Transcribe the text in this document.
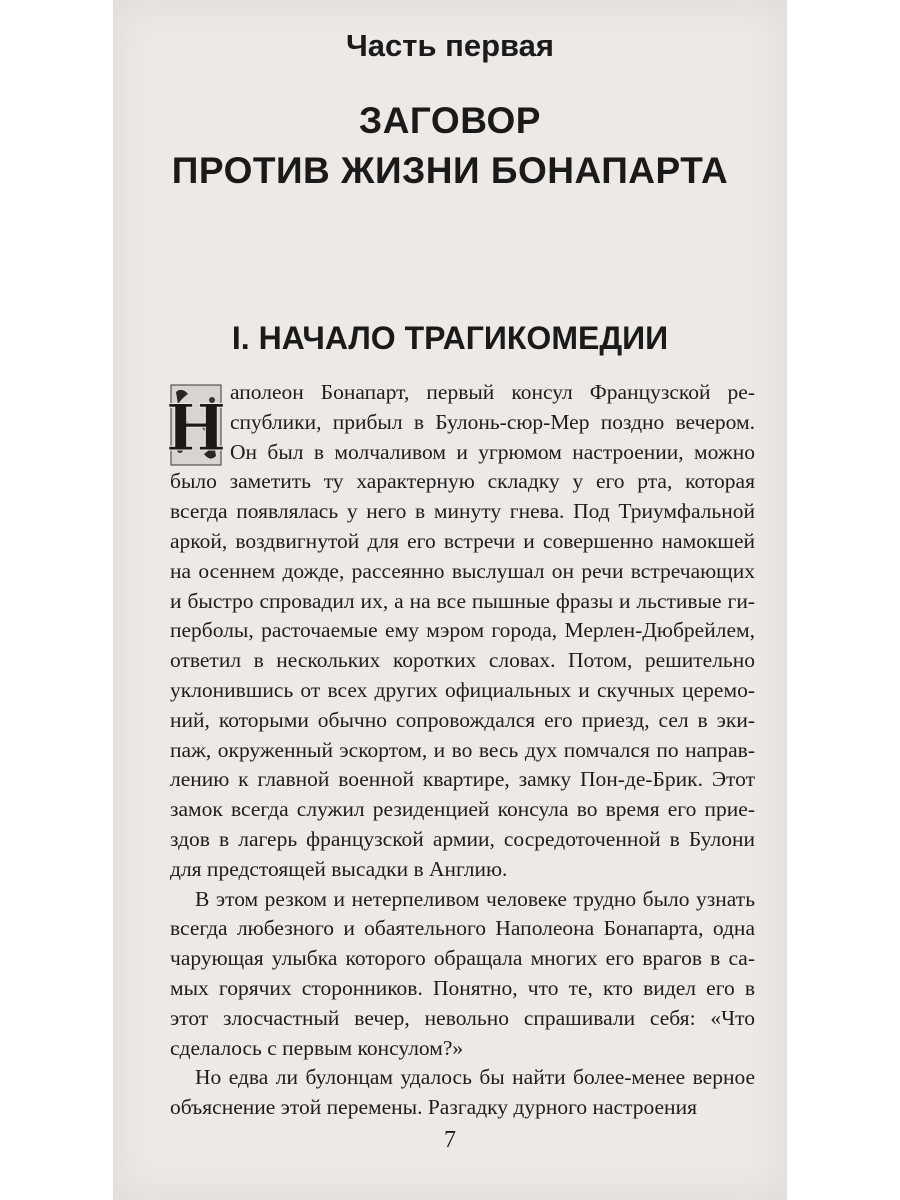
Часть первая
ЗАГОВОР
ПРОТИВ ЖИЗНИ БОНАПАРТА
I. НАЧАЛО ТРАГИКОМЕДИИ

Н аполеон Бонапарт, первый консул Французской республики, прибыл в Булонь-сюр-Мер поздно вечером. Он был в молчаливом и угрюмом настроении, можно было заметить ту характерную складку у его рта, которая всегда появлялась у него в минуту гнева. Под Триумфальной аркой, воздвигнутой для его встречи и совершенно намокшей на осеннем дожде, рассеянно выслушал он речи встречающих и быстро спровадил их, а на все пышные фразы и льстивые гиперболы, расточаемые ему мэром города, Мерлен-Дюбрейлем, ответил в нескольких коротких словах. Потом, решительно уклонившись от всех других официальных и скучных церемоний, которыми обычно сопровождался его приезд, сел в экипаж, окруженный эскортом, и во весь дух помчался по направлению к главной военной квартире, замку Пон-де-Брик. Этот замок всегда служил резиденцией консула во время его приездов в лагерь французской армии, сосредоточенной в Булони для предстоящей высадки в Англию.

В этом резком и нетерпеливом человеке трудно было узнать всегда любезного и обаятельного Наполеона Бонапарта, одна чарующая улыбка которого обращала многих его врагов в самых горячих сторонников. Понятно, что те, кто видел его в этот злосчастный вечер, невольно спрашивали себя: «Что сделалось с первым консулом?»

Но едва ли булонцам удалось бы найти более-менее верное объяснение этой перемены. Разгадку дурного настроения

7
